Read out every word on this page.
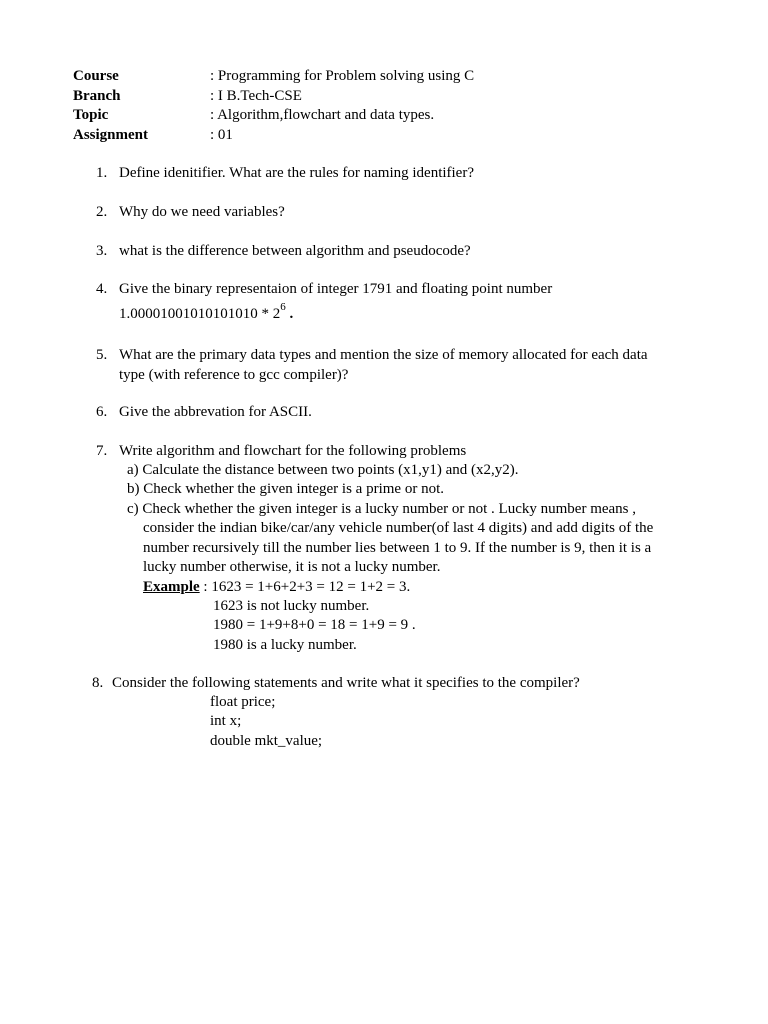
Course	: Programming for Problem solving using C
Branch	: I B.Tech-CSE
Topic	: Algorithm,flowchart and data types.
Assignment	: 01
1. Define idenitifier. What are the rules for naming identifier?
2. Why do we need variables?
3. what is the difference between algorithm and pseudocode?
4. Give the binary representaion of integer 1791 and floating point number
$1.00001001010101010 * 2^6$ .
5. What are the primary data types and mention the size of memory allocated for each data
type (with reference to gcc compiler)?
6. Give the abbrevation for ASCII.
7. Write algorithm and flowchart for the following problems
a) Calculate the distance between two points (x1,y1) and (x2,y2).
b) Check whether the given integer is a prime or not.
c) Check whether the given integer is a lucky number or not . Lucky number means ,
consider the indian bike/car/any vehicle number(of last 4 digits) and add digits of the
number recursively till the number lies between 1 to 9. If the number is 9, then it is a
lucky number otherwise, it is not a lucky number.
Example : 1623 = 1+6+2+3 = 12 = 1+2 = 3.
1623 is not lucky number.
1980 = 1+9+8+0 = 18 = 1+9 = 9 .
1980 is a lucky number.
8. Consider the following statements and write what it specifies to the compiler?
float price;
int x;
double mkt_value;
